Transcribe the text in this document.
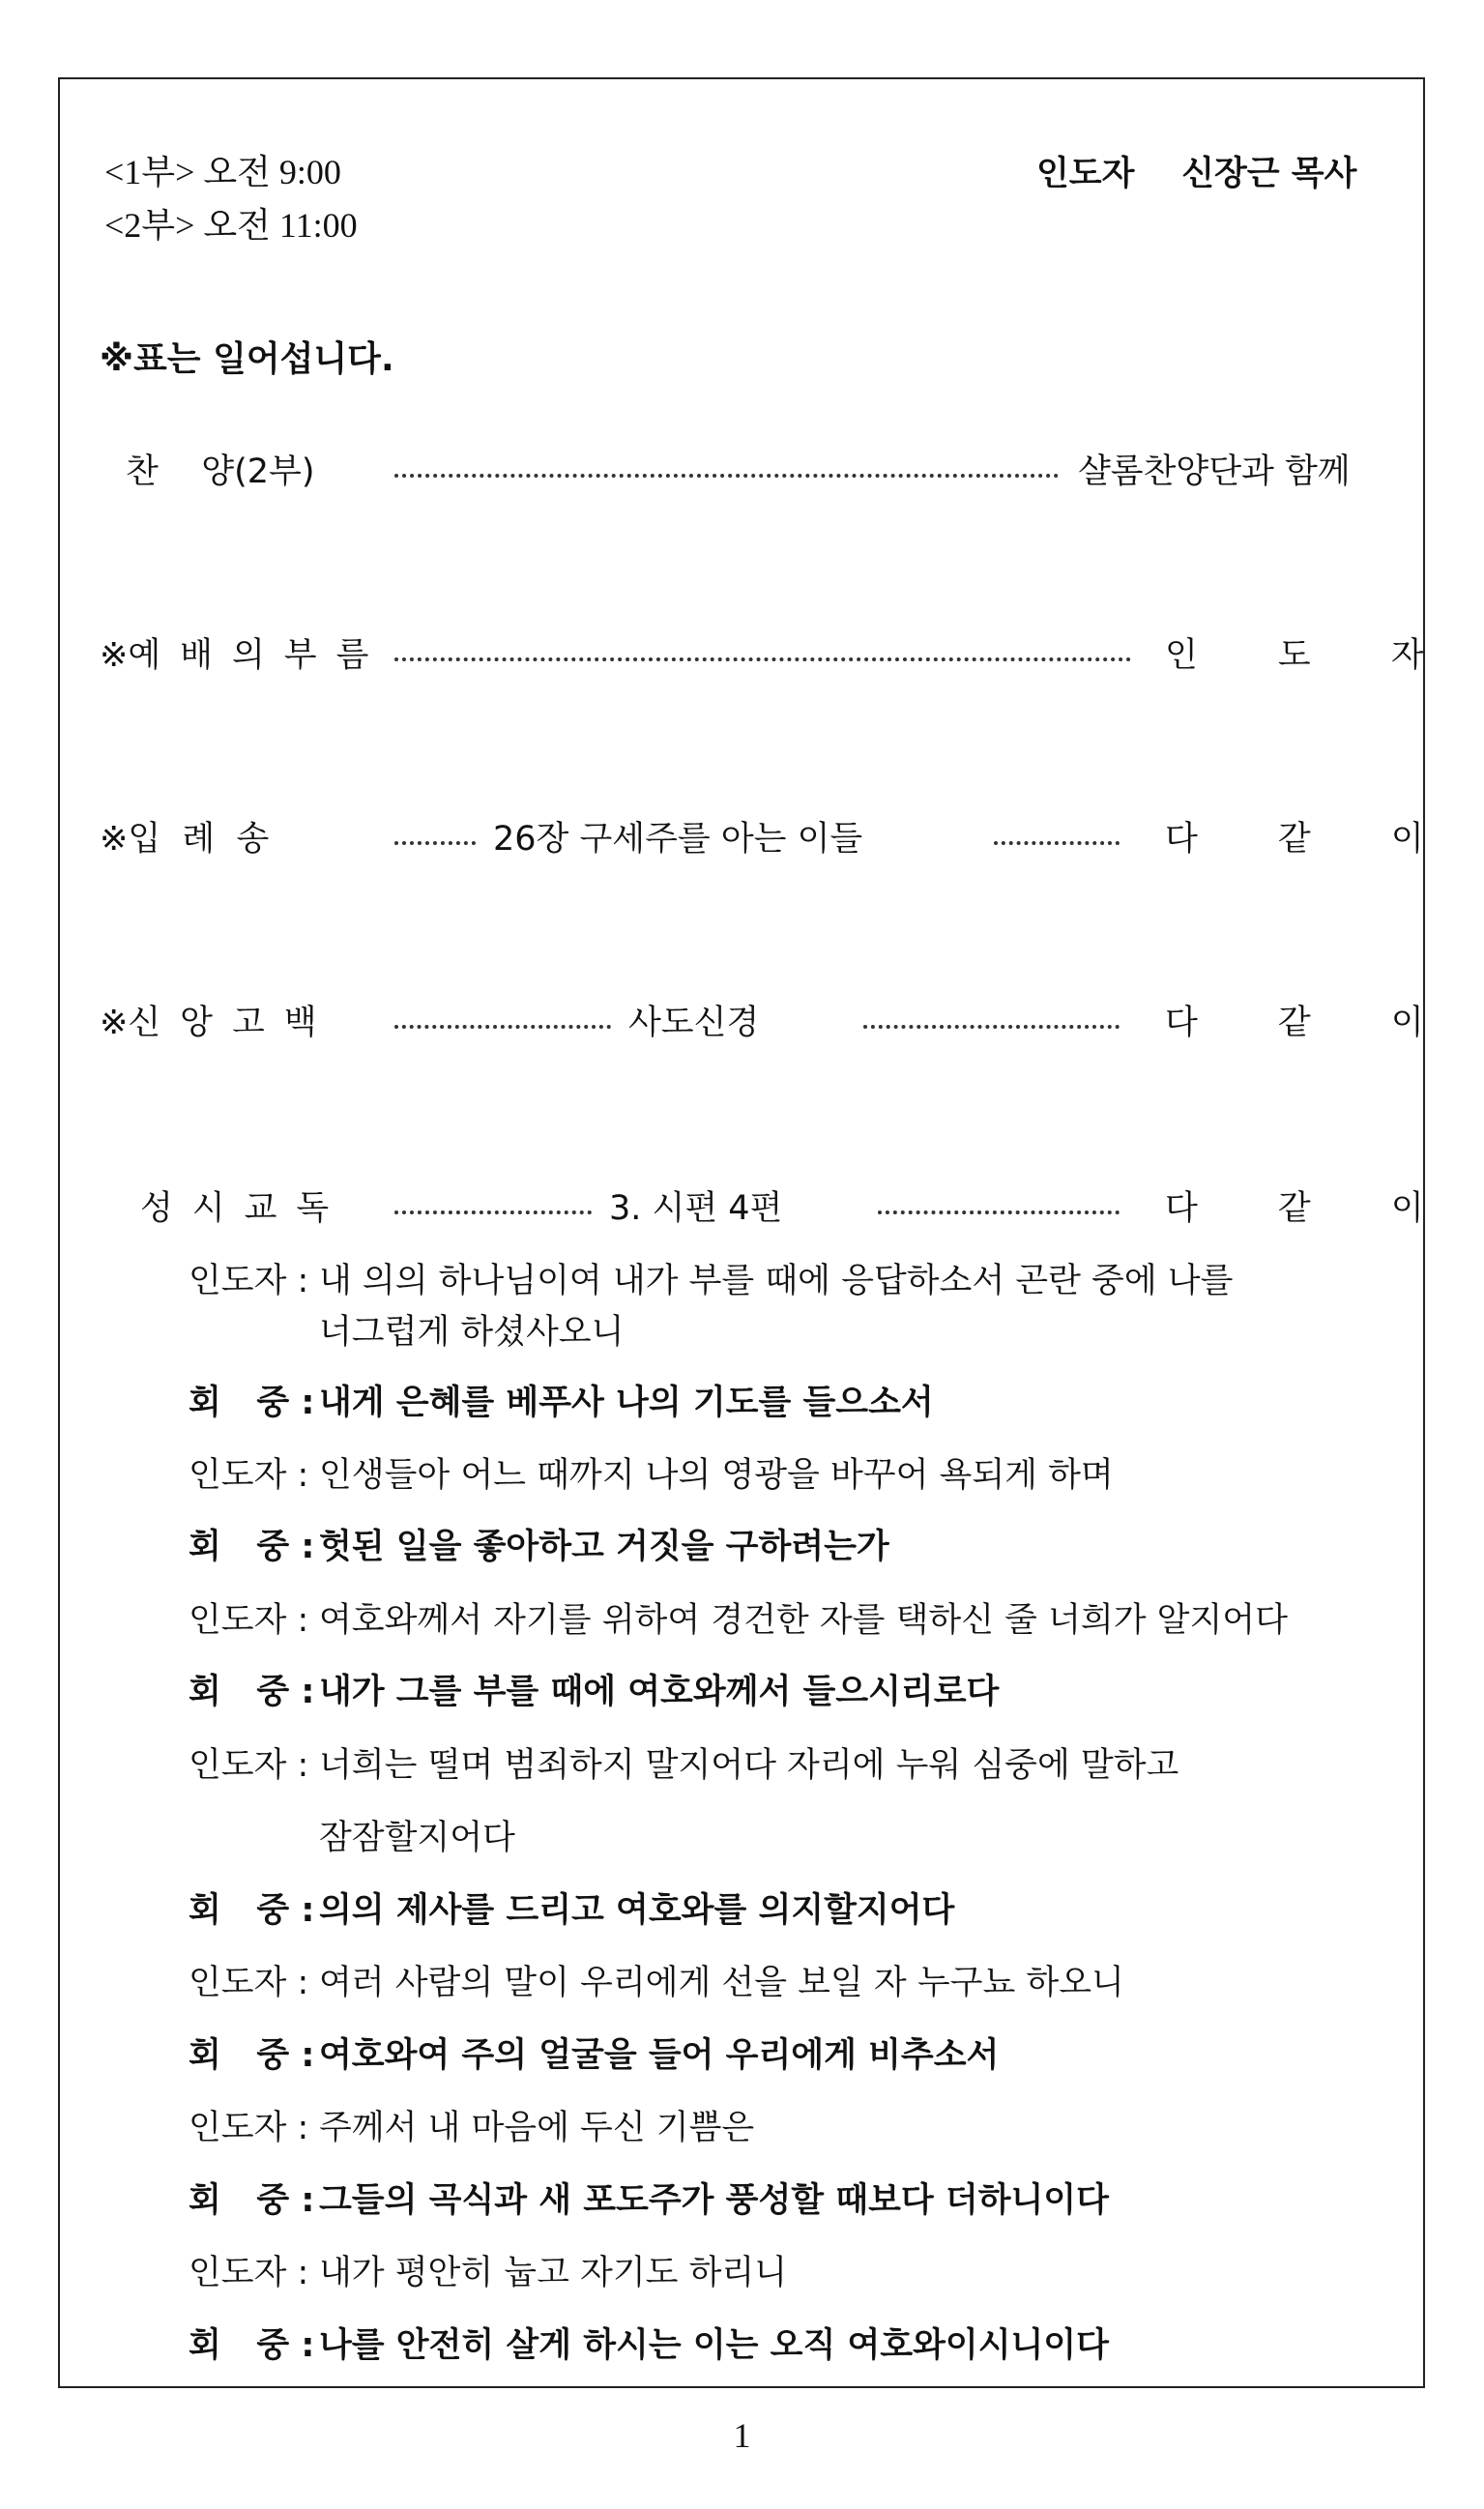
<1부> 오전 9:00
<2부> 오전 11:00
인도자 신장근 목사
※표는 일어섭니다.
찬    양(2부)	샬롬찬양단과 함께
※예배의부름	인 도 자
※입  례  송	26장 구세주를 아는 이들	다 같 이
※신앙고백	사도신경	다 같 이
성시교독	3. 시편 4편	다 같 이
인도자 : 내 의의 하나님이여 내가 부를 때에 응답하소서 곤란 중에 나를
너그럽게 하셨사오니
회   중 : 내게 은혜를 베푸사 나의 기도를 들으소서
인도자 : 인생들아 어느 때까지 나의 영광을 바꾸어 욕되게 하며
회   중 : 헛된 일을 좋아하고 거짓을 구하려는가
인도자 : 여호와께서 자기를 위하여 경건한 자를 택하신 줄 너희가 알지어다
회   중 : 내가 그를 부를 때에 여호와께서 들으시리로다
인도자 : 너희는 떨며 범죄하지 말지어다 자리에 누워 심중에 말하고
잠잠할지어다
회   중 : 의의 제사를 드리고 여호와를 의지할지어다
인도자 : 여러 사람의 말이 우리에게 선을 보일 자 누구뇨 하오니
회   중 : 여호와여 주의 얼굴을 들어 우리에게 비추소서
인도자 : 주께서 내 마음에 두신 기쁨은
회   중 : 그들의 곡식과 새 포도주가 풍성할 때보다 더하니이다
인도자 : 내가 평안히 눕고 자기도 하리니
회   중 : 나를 안전히 살게 하시는 이는 오직 여호와이시니이다
1
